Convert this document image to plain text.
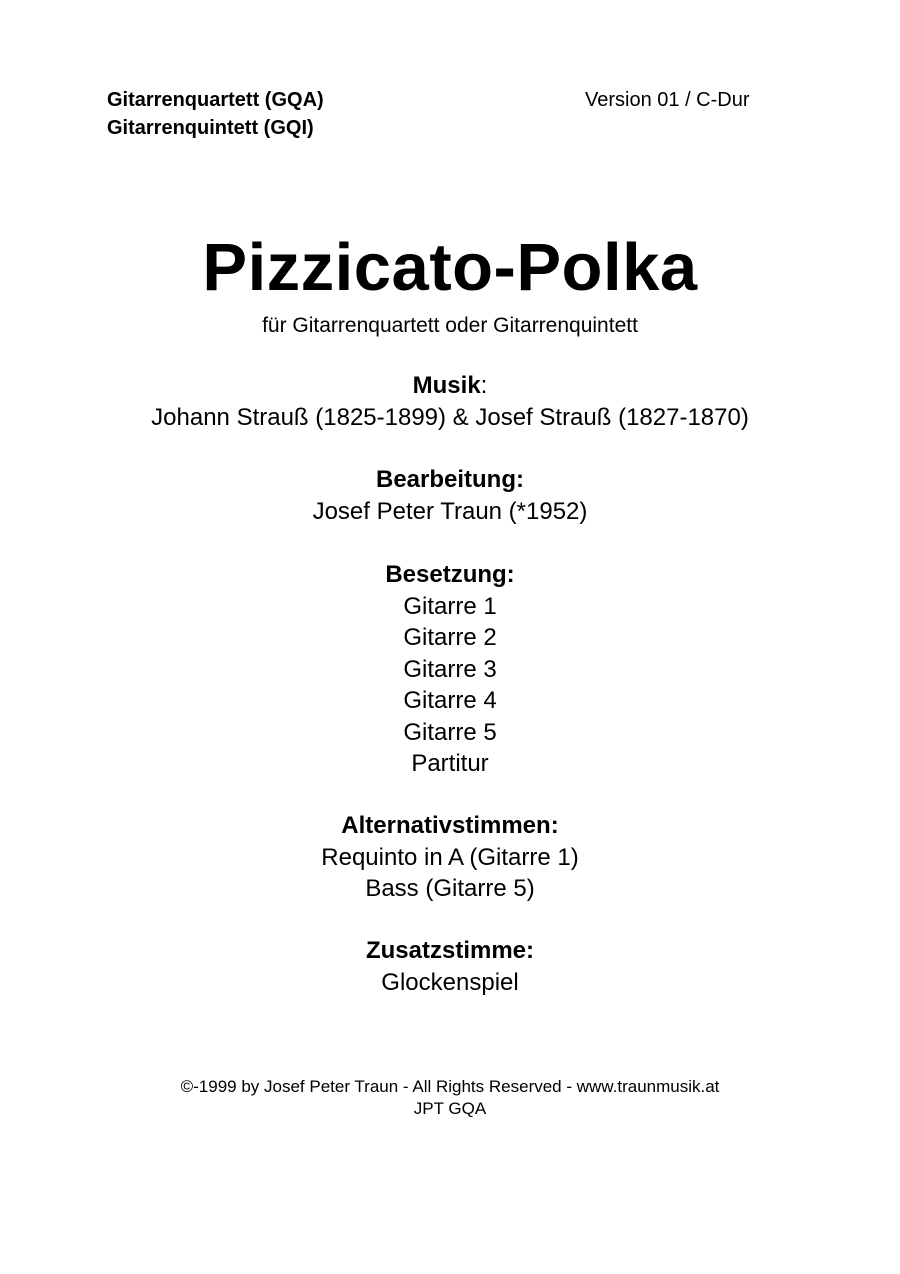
Gitarrenquartett (GQA)
Gitarrenquintett (GQI)
Version 01 / C-Dur
Pizzicato-Polka
für Gitarrenquartett oder Gitarrenquintett
Musik:
Johann Strauß (1825-1899) & Josef Strauß (1827-1870)
Bearbeitung:
Josef Peter Traun (*1952)
Besetzung:
Gitarre 1
Gitarre 2
Gitarre 3
Gitarre 4
Gitarre 5
Partitur
Alternativstimmen:
Requinto in A (Gitarre 1)
Bass (Gitarre 5)
Zusatzstimme:
Glockenspiel
©-1999 by Josef Peter Traun - All Rights Reserved - www.traunmusik.at
JPT GQA
